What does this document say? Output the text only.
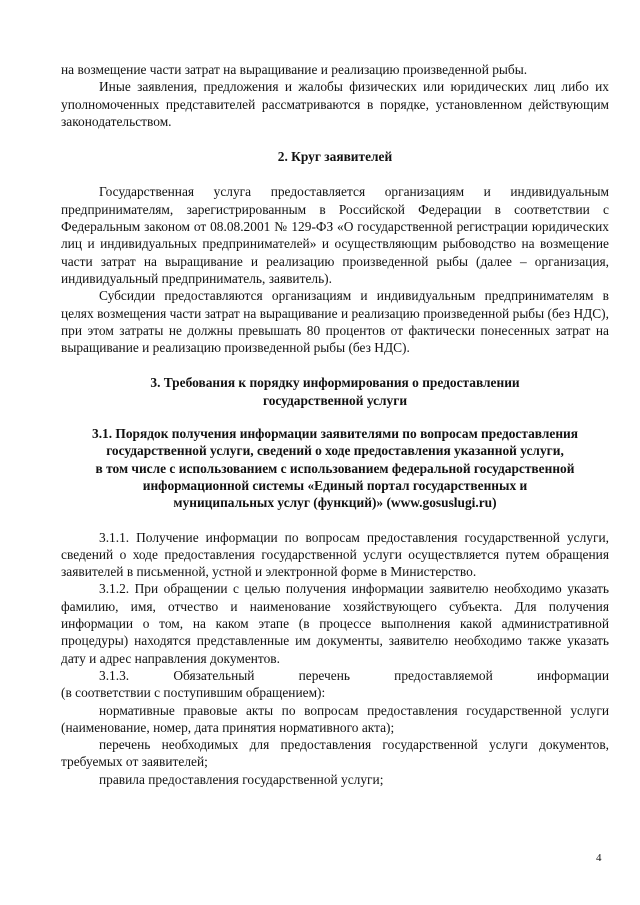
на возмещение части затрат на выращивание и реализацию произведенной рыбы.

Иные заявления, предложения и жалобы физических или юридических лиц либо их уполномоченных представителей рассматриваются в порядке, установленном действующим законодательством.

2. Круг заявителей

Государственная услуга предоставляется организациям и индивидуальным предпринимателям, зарегистрированным в Российской Федерации в соответствии с Федеральным законом от 08.08.2001 № 129-ФЗ «О государственной регистрации юридических лиц и индивидуальных предпринимателей» и осуществляющим рыбоводство на возмещение части затрат на выращивание и реализацию произведенной рыбы (далее – организация, индивидуальный предприниматель, заявитель).

Субсидии предоставляются организациям и индивидуальным предпринимателям в целях возмещения части затрат на выращивание и реализацию произведенной рыбы (без НДС), при этом затраты не должны превышать 80 процентов от фактически понесенных затрат на выращивание и реализацию произведенной рыбы (без НДС).

3. Требования к порядку информирования о предоставлении
государственной услуги
3.1. Порядок получения информации заявителями по вопросам предоставления
государственной услуги, сведений о ходе предоставления указанной услуги,
в том числе с использованием с использованием федеральной государственной
информационной системы «Единый портал государственных и
муниципальных услуг (функций)» (www.gosuslugi.ru)

3.1.1. Получение информации по вопросам предоставления государственной услуги, сведений о ходе предоставления государственной услуги осуществляется путем обращения заявителей в письменной, устной и электронной форме в Министерство.

3.1.2. При обращении с целью получения информации заявителю необходимо указать фамилию, имя, отчество и наименование хозяйствующего субъекта. Для получения информации о том, на каком этапе (в процессе выполнения какой административной процедуры) находятся представленные им документы, заявителю необходимо также указать дату и адрес направления документов.

3.1.3. Обязательный перечень предоставляемой информации

(в соответствии с поступившим обращением):

нормативные правовые акты по вопросам предоставления государственной услуги (наименование, номер, дата принятия нормативного акта);

перечень необходимых для предоставления государственной услуги документов, требуемых от заявителей;

правила предоставления государственной услуги;

4
